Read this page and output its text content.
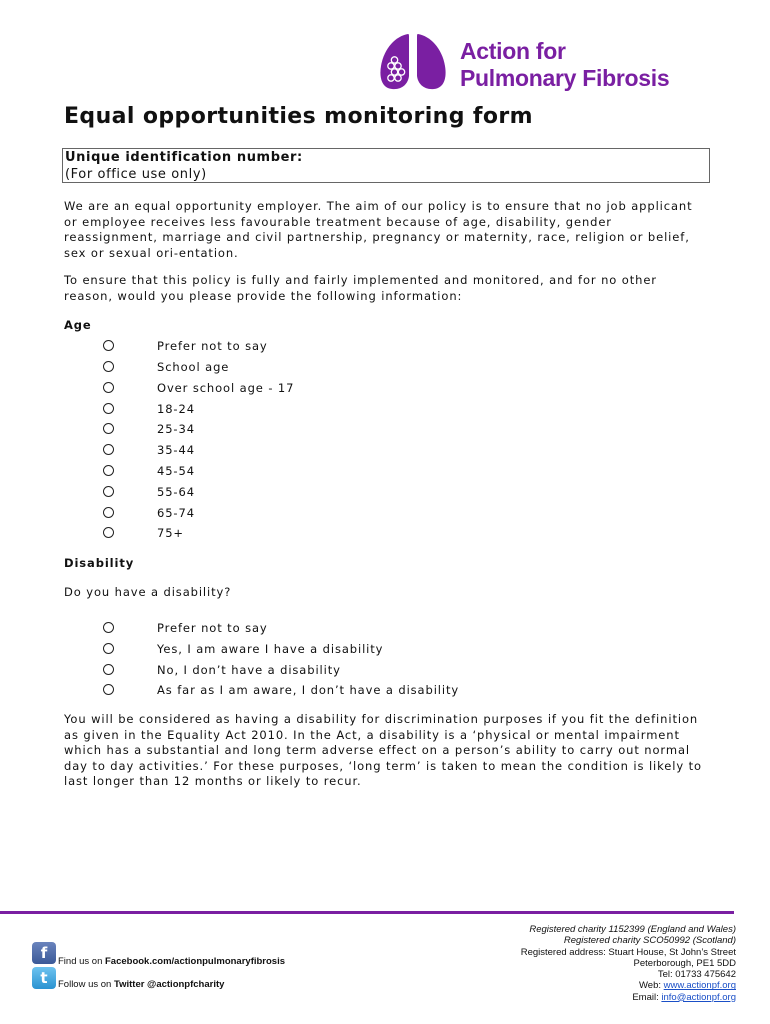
Action for
Pulmonary Fibrosis
Equal opportunities monitoring form
Unique identification number:
(For office use only)

We are an equal opportunity employer. The aim of our policy is to ensure that no job applicant or employee receives less favourable treatment because of age, disability, gender reassignment, marriage and civil partnership, pregnancy or maternity, race, religion or belief, sex or sexual ori-entation.

To ensure that this policy is fully and fairly implemented and monitored, and for no other reason, would you please provide the following information:

Age

Prefer not to say
School age
Over school age - 17
18-24
25-34
35-44
45-54
55-64
65-74
75+

Disability

Do you have a disability?

Prefer not to say
Yes, I am aware I have a disability
No, I don’t have a disability
As far as I am aware, I don’t have a disability

You will be considered as having a disability for discrimination purposes if you fit the definition as given in the Equality Act 2010. In the Act, a disability is a ‘physical or mental impairment which has a substantial and long term adverse effect on a person’s ability to carry out normal day to day activities.’ For these purposes, ‘long term’ is taken to mean the condition is likely to last longer than 12 months or likely to recur.

f	Find us on Facebook.com/actionpulmonaryfibrosis
t	Follow us on Twitter @actionpfcharity
Registered charity 1152399 (England and Wales)
Registered charity SCO50992 (Scotland)
Registered address: Stuart House, St John’s Street
Peterborough, PE1 5DD
Tel: 01733 475642
Web: www.actionpf.org
Email: info@actionpf.org
